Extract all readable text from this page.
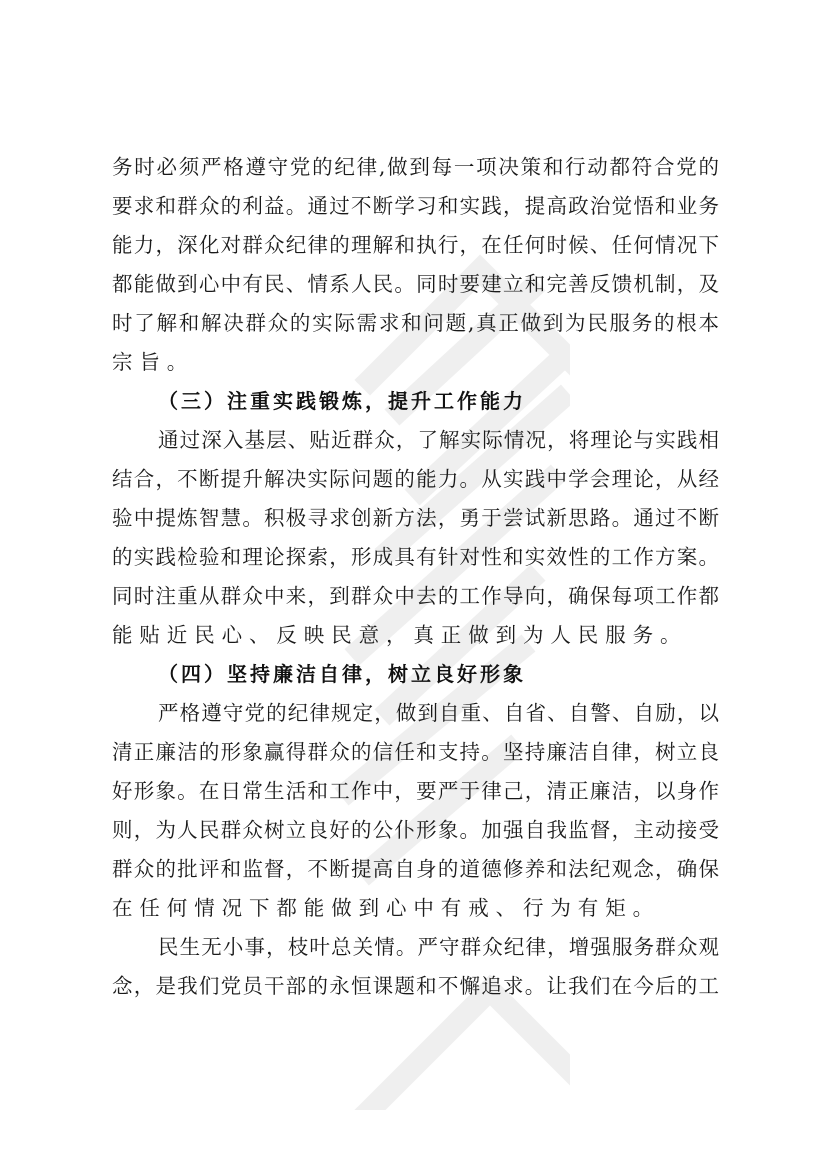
务时必须严格遵守党的纪律,做到每一项决策和行动都符合党的
要求和群众的利益。通过不断学习和实践，提高政治觉悟和业务
能力，深化对群众纪律的理解和执行，在任何时候、任何情况下
都能做到心中有民、情系人民。同时要建立和完善反馈机制，及
时了解和解决群众的实际需求和问题,真正做到为民服务的根本
宗旨。
（三）注重实践锻炼，提升工作能力
通过深入基层、贴近群众，了解实际情况，将理论与实践相
结合，不断提升解决实际问题的能力。从实践中学会理论，从经
验中提炼智慧。积极寻求创新方法，勇于尝试新思路。通过不断
的实践检验和理论探索，形成具有针对性和实效性的工作方案。
同时注重从群众中来，到群众中去的工作导向，确保每项工作都
能贴近民心、反映民意，真正做到为人民服务。
（四）坚持廉洁自律，树立良好形象
严格遵守党的纪律规定，做到自重、自省、自警、自励，以
清正廉洁的形象赢得群众的信任和支持。坚持廉洁自律，树立良
好形象。在日常生活和工作中，要严于律己，清正廉洁，以身作
则，为人民群众树立良好的公仆形象。加强自我监督，主动接受
群众的批评和监督，不断提高自身的道德修养和法纪观念，确保
在任何情况下都能做到心中有戒、行为有矩。
民生无小事，枝叶总关情。严守群众纪律，增强服务群众观
念，是我们党员干部的永恒课题和不懈追求。让我们在今后的工
